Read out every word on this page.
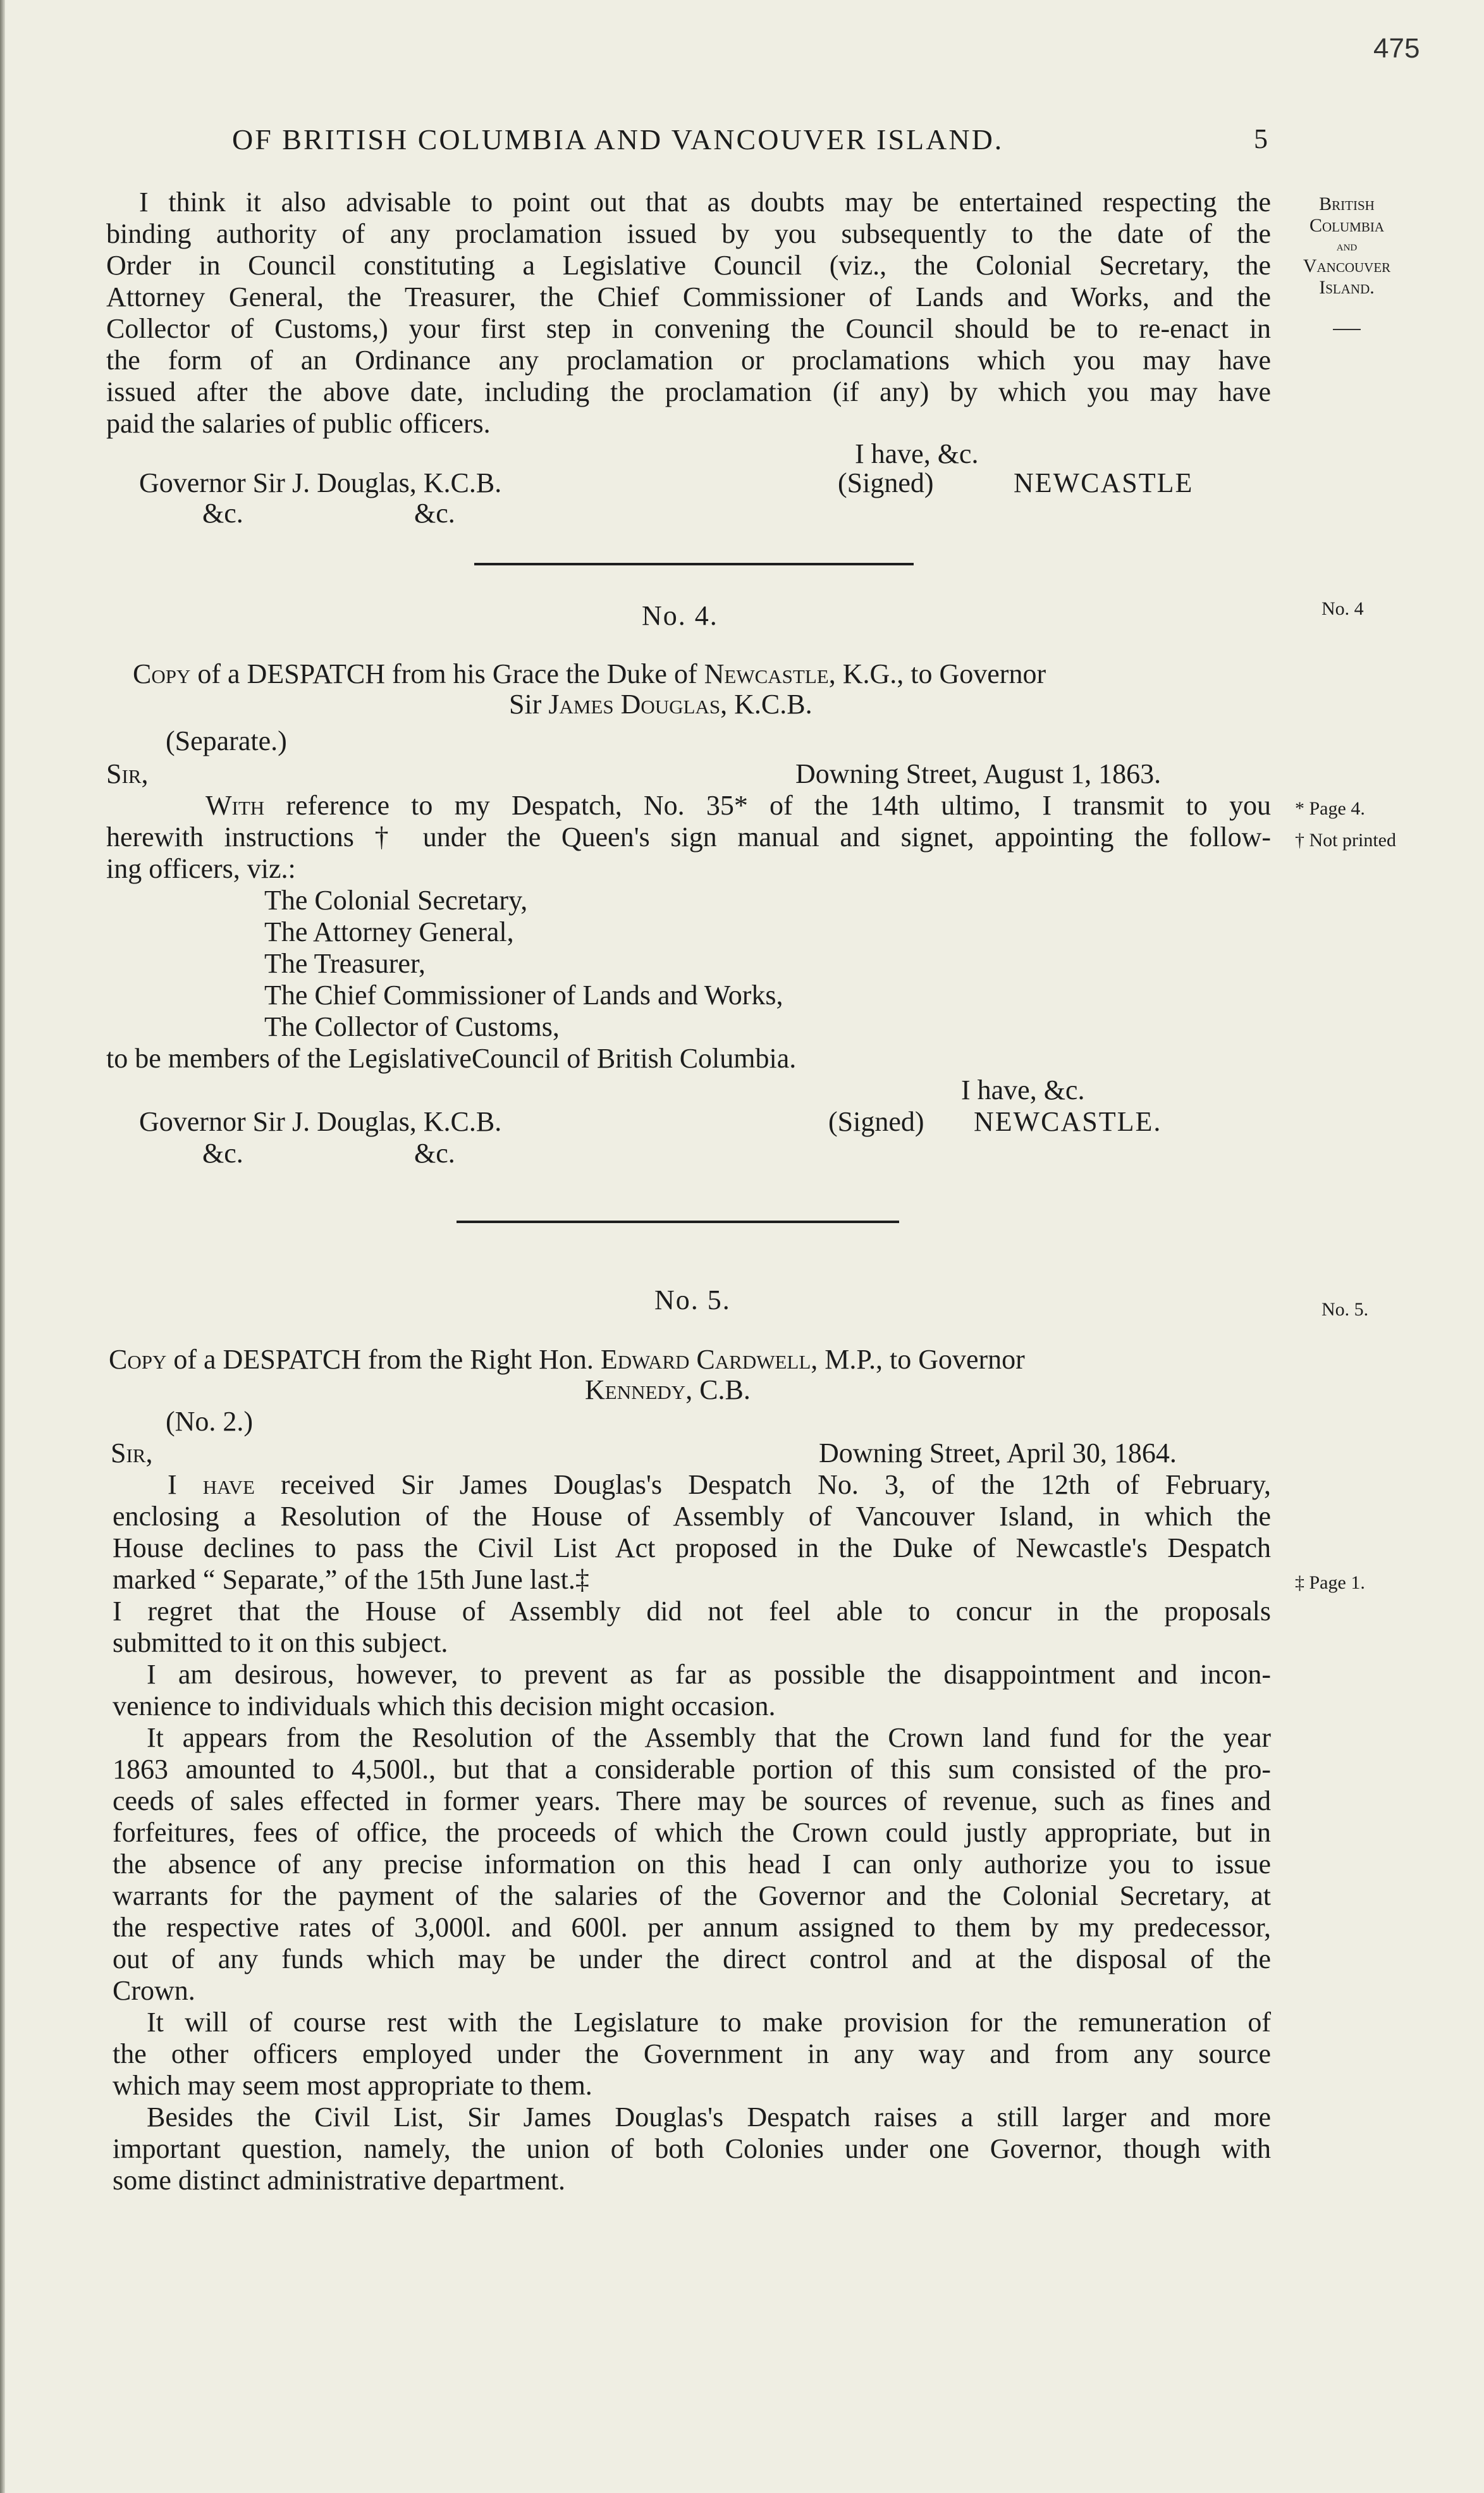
475
OF BRITISH COLUMBIA AND VANCOUVER ISLAND.	5
British
Columbia
and
Vancouver
Island.
I think it also advisable to point out that as doubts may be entertained respecting the
binding authority of any proclamation issued by you subsequently to the date of the
Order in Council constituting a Legislative Council (viz., the Colonial Secretary, the
Attorney General, the Treasurer, the Chief Commissioner of Lands and Works, and the
Collector of Customs,) your first step in convening the Council should be to re-enact in
the form of an Ordinance any proclamation or proclamations which you may have
issued after the above date, including the proclamation (if any) by which you may have
paid the salaries of public officers.
I have, &c.
Governor Sir J. Douglas, K.C.B.	(Signed)	NEWCASTLE
&c.	&c.
No. 4.	No. 4
Copy of a DESPATCH from his Grace the Duke of Newcastle, K.G., to Governor
Sir James Douglas, K.C.B.
(Separate.)
Sir,	Downing Street, August 1, 1863.
With reference to my Despatch, No. 35* of the 14th ultimo, I transmit to you * Page 4.
herewith instructions † under the Queen's sign manual and signet, appointing the follow- † Not printed
ing officers, viz.:
The Colonial Secretary,
The Attorney General,
The Treasurer,
The Chief Commissioner of Lands and Works,
The Collector of Customs,
to be members of the LegislativeCouncil of British Columbia.
I have, &c.
Governor Sir J. Douglas, K.C.B.	(Signed) NEWCASTLE.
&c.	&c.
No. 5.	No. 5.
Copy of a DESPATCH from the Right Hon. Edward Cardwell, M.P., to Governor
Kennedy, C.B.
(No. 2.)
Sir,	Downing Street, April 30, 1864.
I have received Sir James Douglas's Despatch No. 3, of the 12th of February,
enclosing a Resolution of the House of Assembly of Vancouver Island, in which the
House declines to pass the Civil List Act proposed in the Duke of Newcastle's Despatch
marked “ Separate,” of the 15th June last.‡	‡ Page 1.
I regret that the House of Assembly did not feel able to concur in the proposals
submitted to it on this subject.
I am desirous, however, to prevent as far as possible the disappointment and incon-
venience to individuals which this decision might occasion.
It appears from the Resolution of the Assembly that the Crown land fund for the year
1863 amounted to 4,500l., but that a considerable portion of this sum consisted of the pro-
ceeds of sales effected in former years. There may be sources of revenue, such as fines and
forfeitures, fees of office, the proceeds of which the Crown could justly appropriate, but in
the absence of any precise information on this head I can only authorize you to issue
warrants for the payment of the salaries of the Governor and the Colonial Secretary, at
the respective rates of 3,000l. and 600l. per annum assigned to them by my predecessor,
out of any funds which may be under the direct control and at the disposal of the
Crown.
It will of course rest with the Legislature to make provision for the remuneration of
the other officers employed under the Government in any way and from any source
which may seem most appropriate to them.
Besides the Civil List, Sir James Douglas's Despatch raises a still larger and more
important question, namely, the union of both Colonies under one Governor, though with
some distinct administrative department.
